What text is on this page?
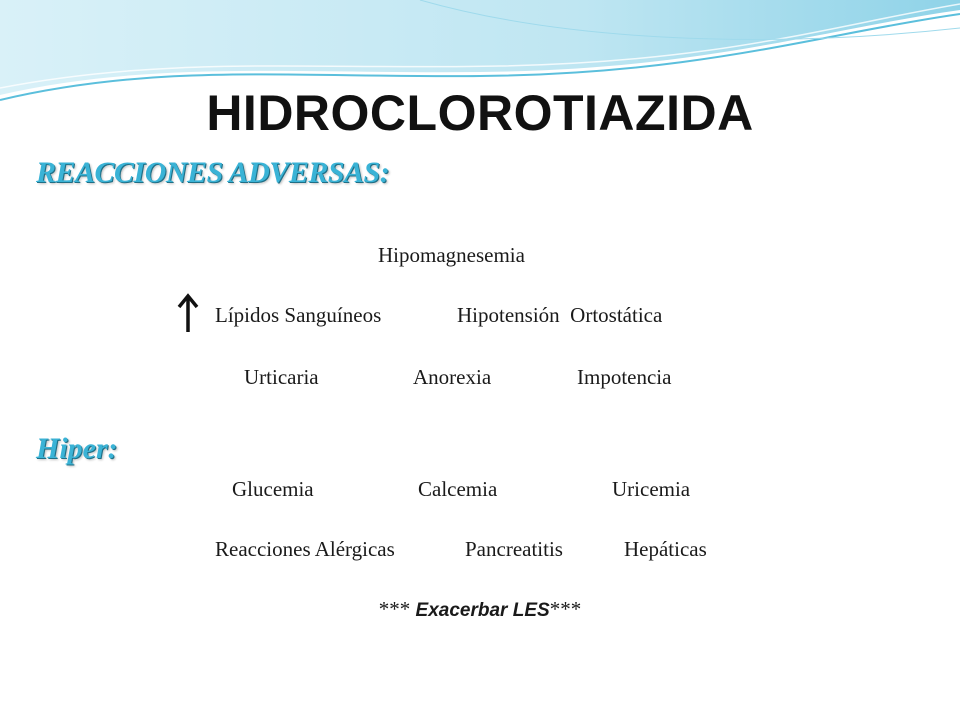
HIDROCLOROTIAZIDA
REACCIONES ADVERSAS:
Hipomagnesemia
Lípidos Sanguíneos	Hipotensión  Ortostática
Urticaria	Anorexia	Impotencia
Hiper:
Glucemia	Calcemia	Uricemia
Reacciones Alérgicas	Pancreatitis	Hepáticas
*** Exacerbar LES***
